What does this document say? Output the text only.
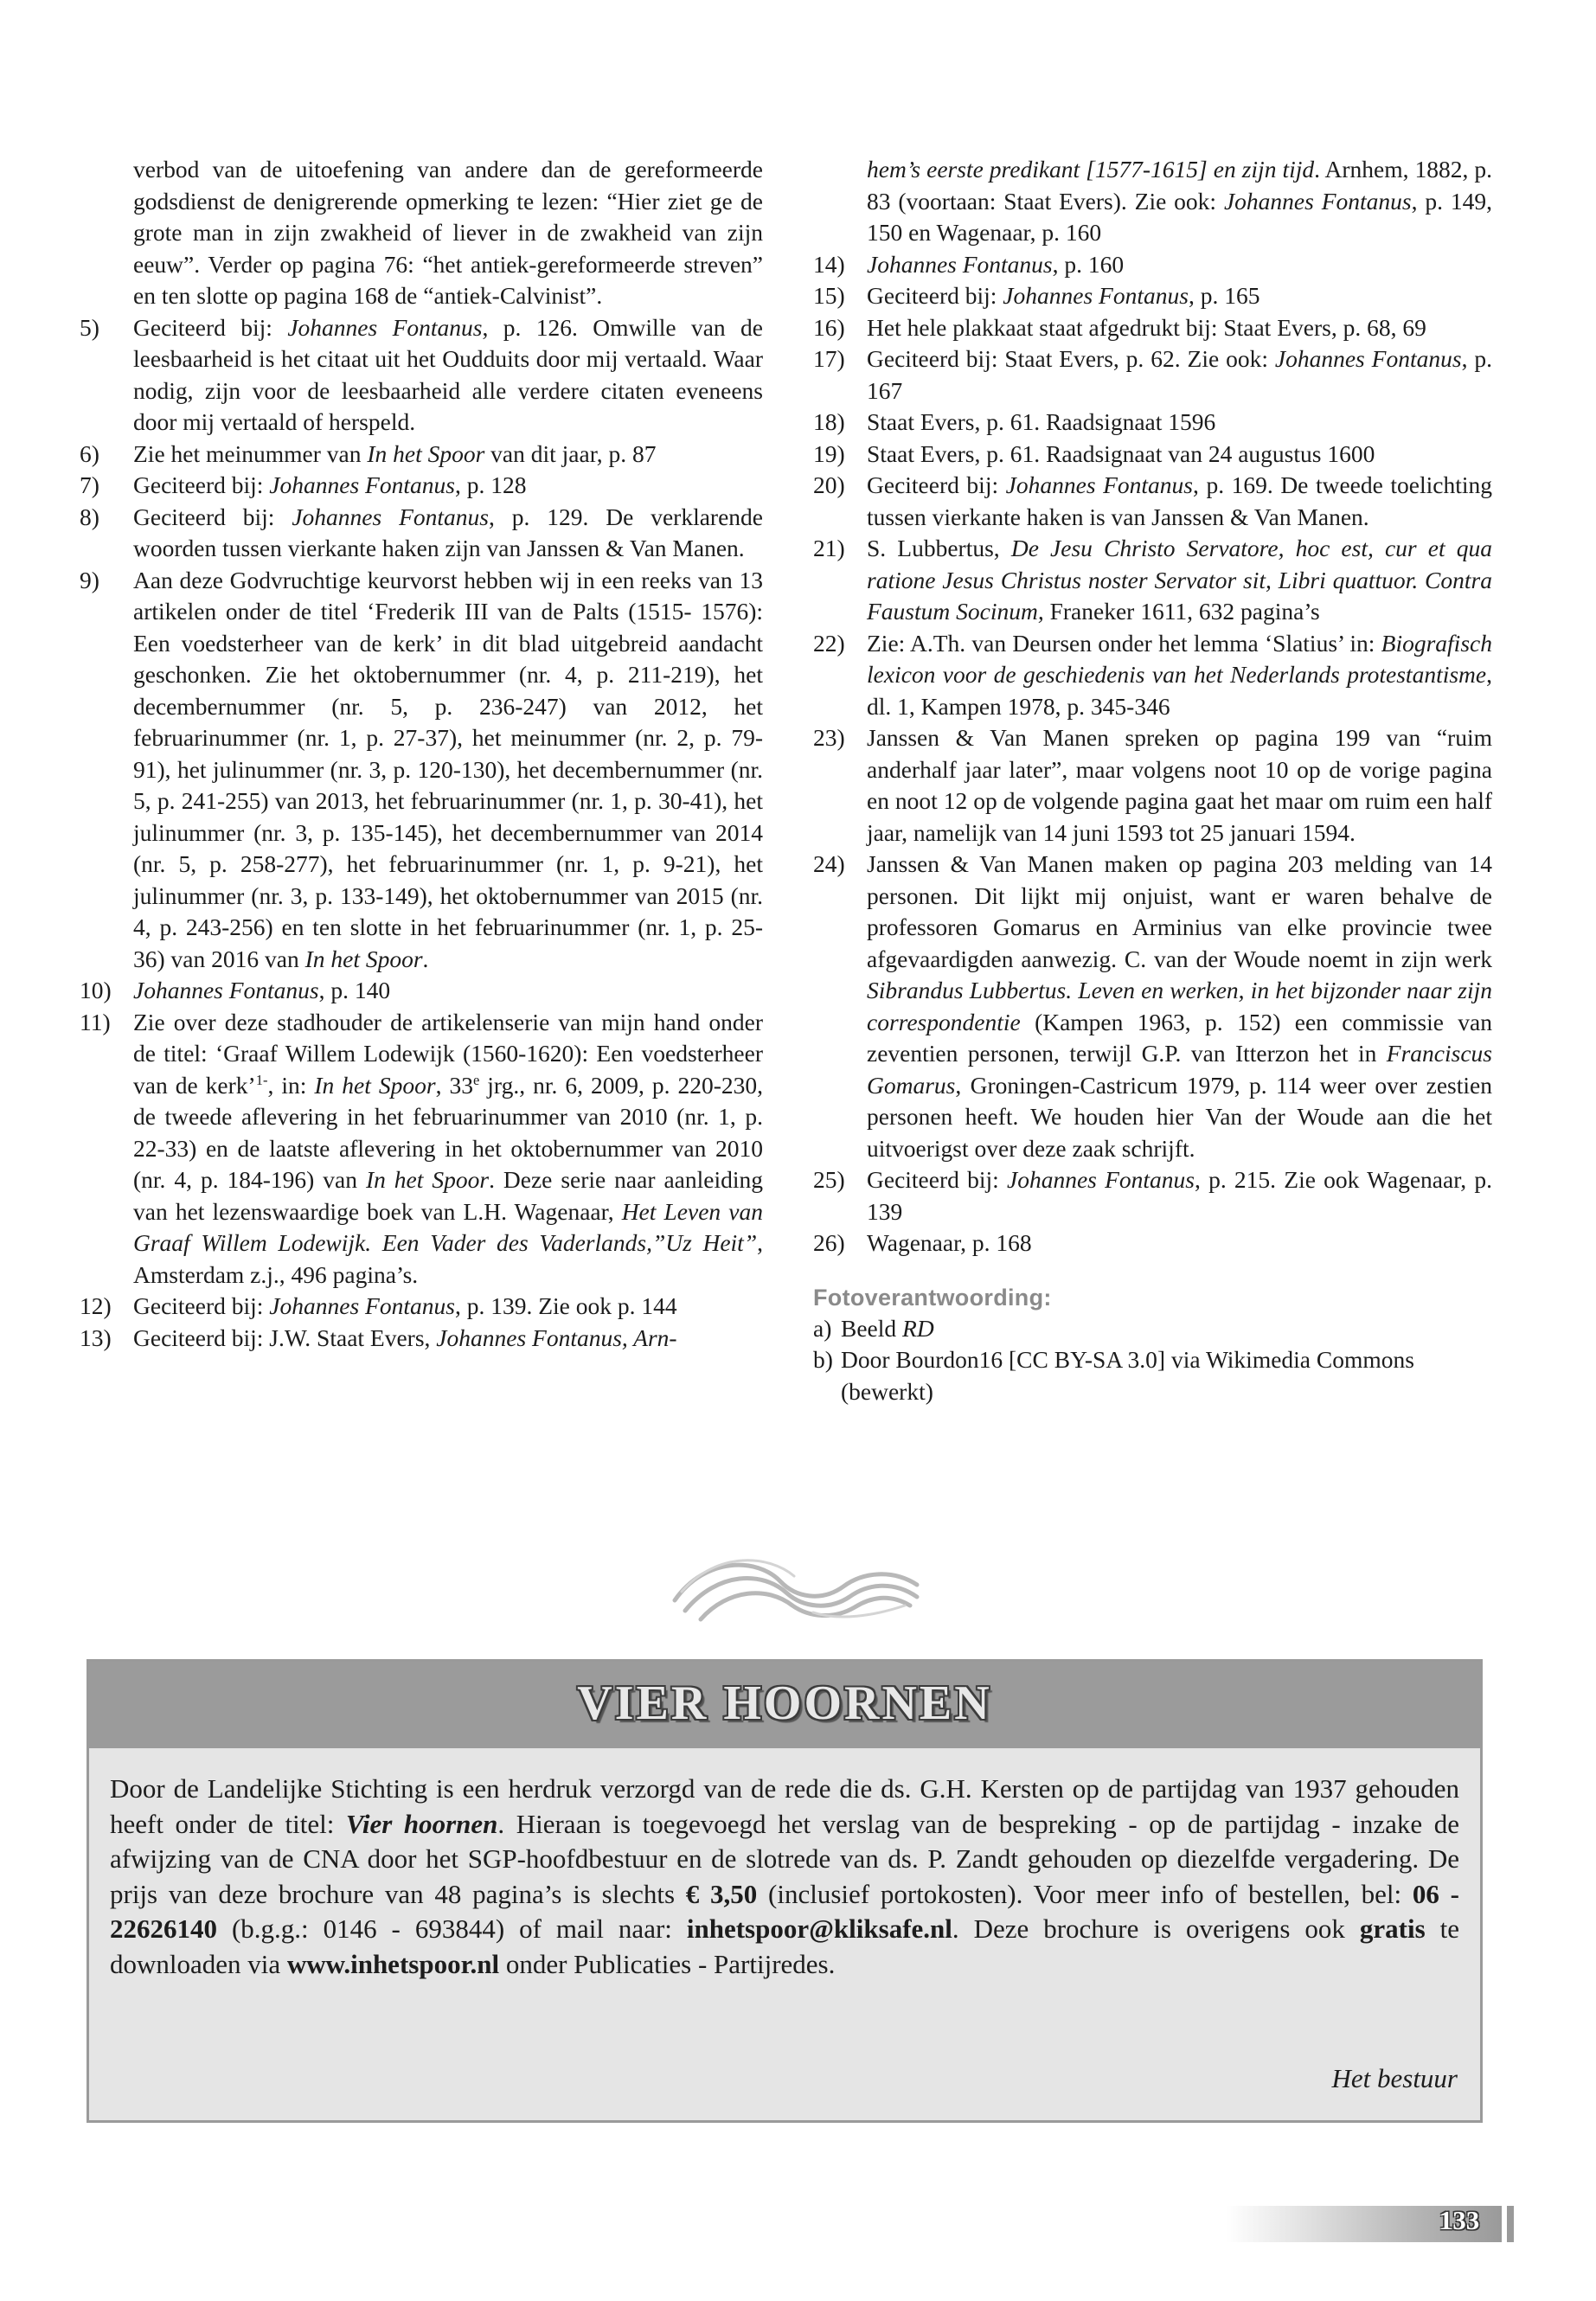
verbod van de uitoefening van andere dan de gereformeerde godsdienst de denigrerende opmerking te lezen: “Hier ziet ge de grote man in zijn zwakheid of liever in de zwakheid van zijn eeuw”. Verder op pagina 76: “het antiek-gereformeerde streven” en ten slotte op pagina 168 de “antiek-Calvinist”.
5)	Geciteerd bij: Johannes Fontanus, p. 126. Omwille van de leesbaarheid is het citaat uit het Oudduits door mij vertaald. Waar nodig, zijn voor de leesbaarheid alle verdere citaten eveneens door mij vertaald of herspeld.
6)	Zie het meinummer van In het Spoor van dit jaar, p. 87
7)	Geciteerd bij: Johannes Fontanus, p. 128
8)	Geciteerd bij: Johannes Fontanus, p. 129. De verklarende woorden tussen vierkante haken zijn van Janssen & Van Manen.
9)	Aan deze Godvruchtige keurvorst hebben wij in een reeks van 13 artikelen onder de titel ‘Frederik III van de Palts (1515- 1576): Een voedsterheer van de kerk’ in dit blad uitgebreid aandacht geschonken. Zie het oktobernummer (nr. 4, p. 211-219), het decembernummer (nr. 5, p. 236-247) van 2012, het februarinummer (nr. 1, p. 27-37), het meinummer (nr. 2, p. 79-91), het julinummer (nr. 3, p. 120-130), het decembernummer (nr. 5, p. 241-255) van 2013, het februarinummer (nr. 1, p. 30-41), het julinummer (nr. 3, p. 135-145), het decembernummer van 2014 (nr. 5, p. 258-277), het februarinummer (nr. 1, p. 9-21), het julinummer (nr. 3, p. 133-149), het oktobernummer van 2015 (nr. 4, p. 243-256) en ten slotte in het februarinummer (nr. 1, p. 25-36) van 2016 van In het Spoor.
10) Johannes Fontanus, p. 140
11) Zie over deze stadhouder de artikelenserie van mijn hand onder de titel: ‘Graaf Willem Lodewijk (1560-1620): Een voedsterheer van de kerk’$^{1-}$, in: In het Spoor, 33e jrg., nr. 6, 2009, p. 220-230, de tweede aflevering in het februarinummer van 2010 (nr. 1, p. 22-33) en de laatste aflevering in het oktobernummer van 2010 (nr. 4, p. 184-196) van In het Spoor. Deze serie naar aanleiding van het lezenswaardige boek van L.H. Wagenaar, Het Leven van Graaf Willem Lodewijk. Een Vader des Vaderlands,”Uz Heit”, Amsterdam z.j., 496 pagina’s.
12) Geciteerd bij: Johannes Fontanus, p. 139. Zie ook p. 144
13) Geciteerd bij: J.W. Staat Evers, Johannes Fontanus, Arn-
hem’s eerste predikant [1577-1615] en zijn tijd. Arnhem, 1882, p. 83 (voortaan: Staat Evers). Zie ook: Johannes Fontanus, p. 149, 150 en Wagenaar, p. 160
14) Johannes Fontanus, p. 160
15) Geciteerd bij: Johannes Fontanus, p. 165
16) Het hele plakkaat staat afgedrukt bij: Staat Evers, p. 68, 69
17) Geciteerd bij: Staat Evers, p. 62. Zie ook: Johannes Fontanus, p. 167
18) Staat Evers, p. 61. Raadsignaat 1596
19) Staat Evers, p. 61. Raadsignaat van 24 augustus 1600
20) Geciteerd bij: Johannes Fontanus, p. 169. De tweede toelichting tussen vierkante haken is van Janssen & Van Manen.
21) S. Lubbertus, De Jesu Christo Servatore, hoc est, cur et qua ratione Jesus Christus noster Servator sit, Libri quattuor. Contra Faustum Socinum, Franeker 1611, 632 pagina’s
22) Zie: A.Th. van Deursen onder het lemma ‘Slatius’ in: Biografisch lexicon voor de geschiedenis van het Nederlands protestantisme, dl. 1, Kampen 1978, p. 345-346
23) Janssen & Van Manen spreken op pagina 199 van “ruim anderhalf jaar later”, maar volgens noot 10 op de vorige pagina en noot 12 op de volgende pagina gaat het maar om ruim een half jaar, namelijk van 14 juni 1593 tot 25 januari 1594.
24) Janssen & Van Manen maken op pagina 203 melding van 14 personen. Dit lijkt mij onjuist, want er waren behalve de professoren Gomarus en Arminius van elke provincie twee afgevaardigden aanwezig. C. van der Woude noemt in zijn werk Sibrandus Lubbertus. Leven en werken, in het bijzonder naar zijn correspondentie (Kampen 1963, p. 152) een commissie van zeventien personen, terwijl G.P. van Itterzon het in Franciscus Gomarus, Groningen-Castricum 1979, p. 114 weer over zestien personen heeft. We houden hier Van der Woude aan die het uitvoerigst over deze zaak schrijft.
25) Geciteerd bij: Johannes Fontanus, p. 215. Zie ook Wagenaar, p. 139
26) Wagenaar, p. 168
Fotoverantwoording:
a) Beeld RD
b) Door Bourdon16 [CC BY-SA 3.0] via Wikimedia Commons (bewerkt)
VIER HOORNEN
Door de Landelijke Stichting is een herdruk verzorgd van de rede die ds. G.H. Kersten op de partijdag van 1937 gehouden heeft onder de titel: Vier hoornen. Hieraan is toegevoegd het verslag van de bespreking - op de partijdag - inzake de afwijzing van de CNA door het SGP-hoofdbestuur en de slotrede van ds. P. Zandt gehouden op diezelfde vergadering. De prijs van deze brochure van 48 pagina’s is slechts € 3,50 (inclusief portokosten). Voor meer info of bestellen, bel: 06 - 22626140 (b.g.g.: 0146 - 693844) of mail naar: inhetspoor@kliksafe.nl. Deze brochure is overigens ook gratis te downloaden via www.inhetspoor.nl onder Publicaties - Partijredes.
Het bestuur
133
